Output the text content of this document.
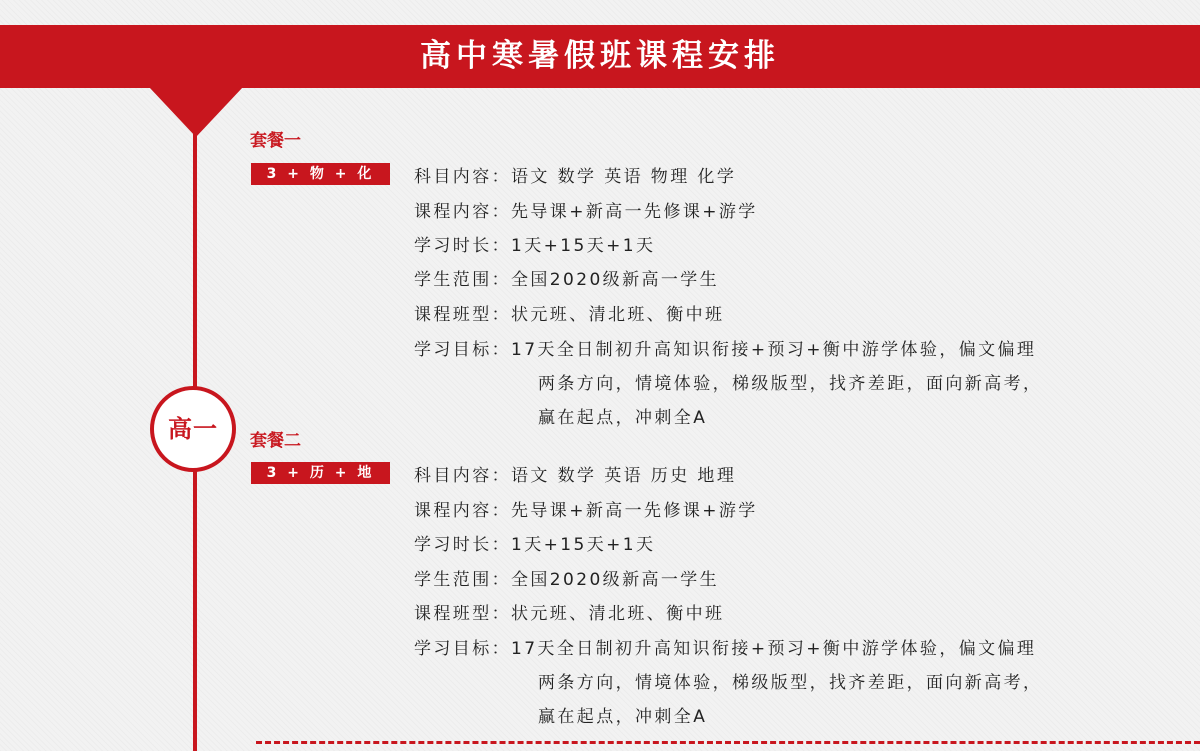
高中寒暑假班课程安排
高一
套餐一
3 + 物 + 化	科目内容：语文 数学 英语 物理 化学
课程内容：先导课+新高一先修课+游学
学习时长：1天+15天+1天
学生范围：全国2020级新高一学生
课程班型：状元班、清北班、衡中班
学习目标：17天全日制初升高知识衔接+预习+衡中游学体验，偏文偏理
两条方向，情境体验，梯级版型，找齐差距，面向新高考，
赢在起点，冲刺全A
套餐二
3 + 历 + 地	科目内容：语文 数学 英语 历史 地理
课程内容：先导课+新高一先修课+游学
学习时长：1天+15天+1天
学生范围：全国2020级新高一学生
课程班型：状元班、清北班、衡中班
学习目标：17天全日制初升高知识衔接+预习+衡中游学体验，偏文偏理
两条方向，情境体验，梯级版型，找齐差距，面向新高考，
赢在起点，冲刺全A
